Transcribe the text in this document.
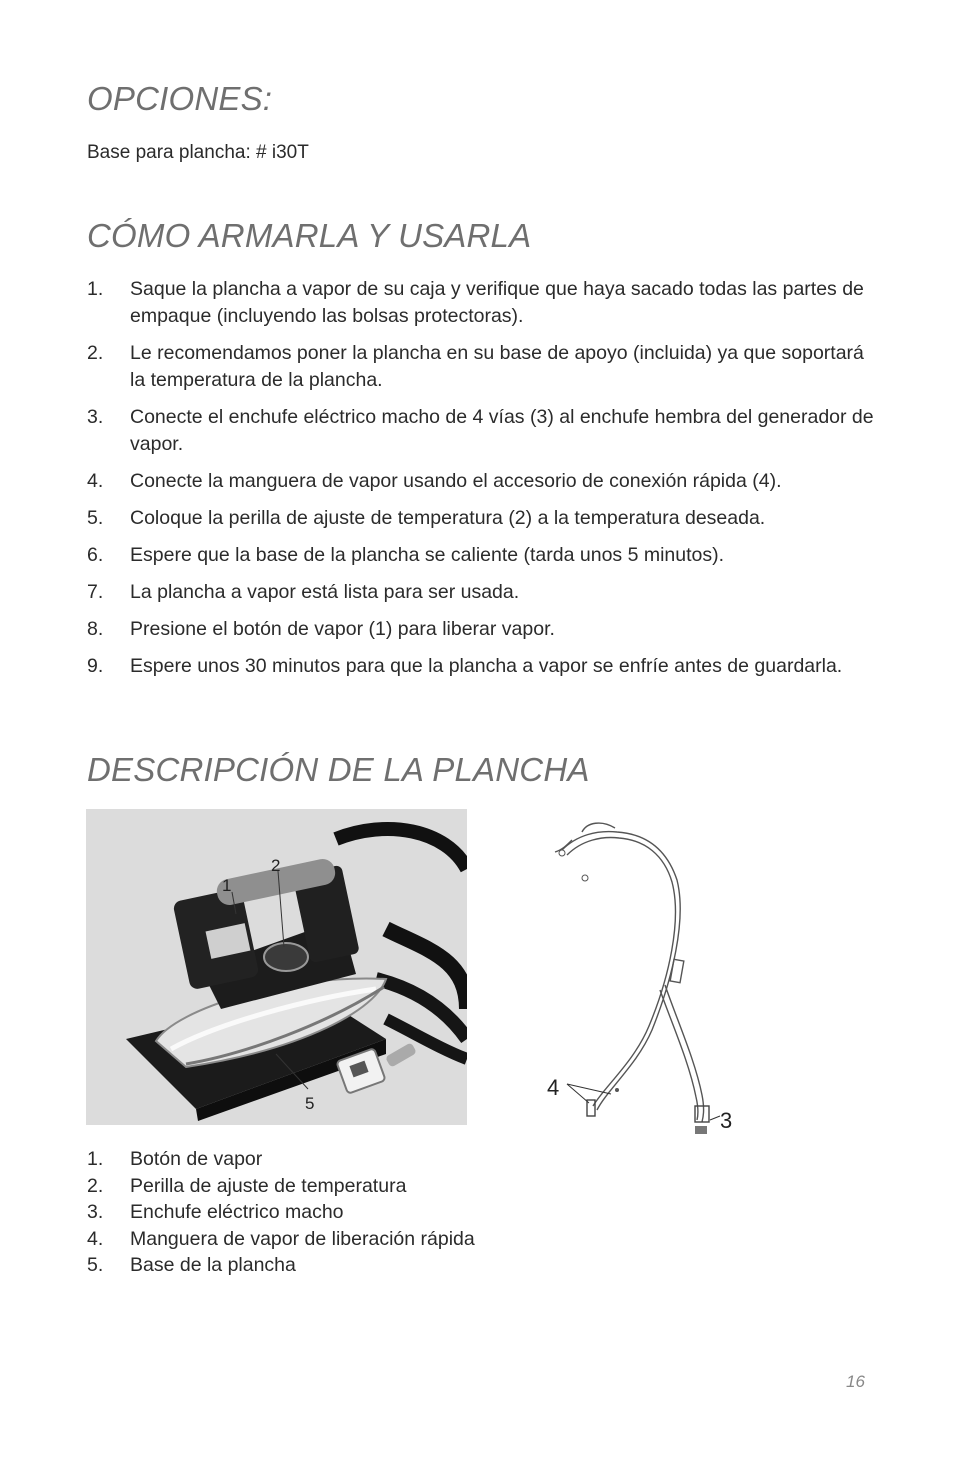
OPCIONES:

Base para plancha: # i30T

CÓMO ARMARLA Y USARLA
1.	Saque la plancha a vapor de su caja y verifique que haya sacado todas las partes de empaque (incluyendo las bolsas protectoras).
2.	Le recomendamos poner la plancha en su base de apoyo (incluida) ya que soportará la temperatura de la plancha.
3.	Conecte el enchufe eléctrico macho de 4 vías (3) al enchufe hembra del generador de vapor.
4.	Conecte la manguera de vapor usando el accesorio de conexión rápida (4).
5.	Coloque la perilla de ajuste de temperatura (2) a la temperatura deseada.
6.	Espere que la base de la plancha se caliente (tarda unos 5 minutos).
7.	La plancha a vapor está lista para ser usada.
8.	Presione el botón de vapor (1) para liberar vapor.
9.	Espere unos 30 minutos para que la plancha a vapor se enfríe antes de guardarla.
DESCRIPCIÓN DE LA PLANCHA
1
2
5
4
3
1.	Botón de vapor
2.	Perilla de ajuste de temperatura
3.	Enchufe eléctrico macho
4.	Manguera de vapor de liberación rápida
5.	Base de la plancha
16
